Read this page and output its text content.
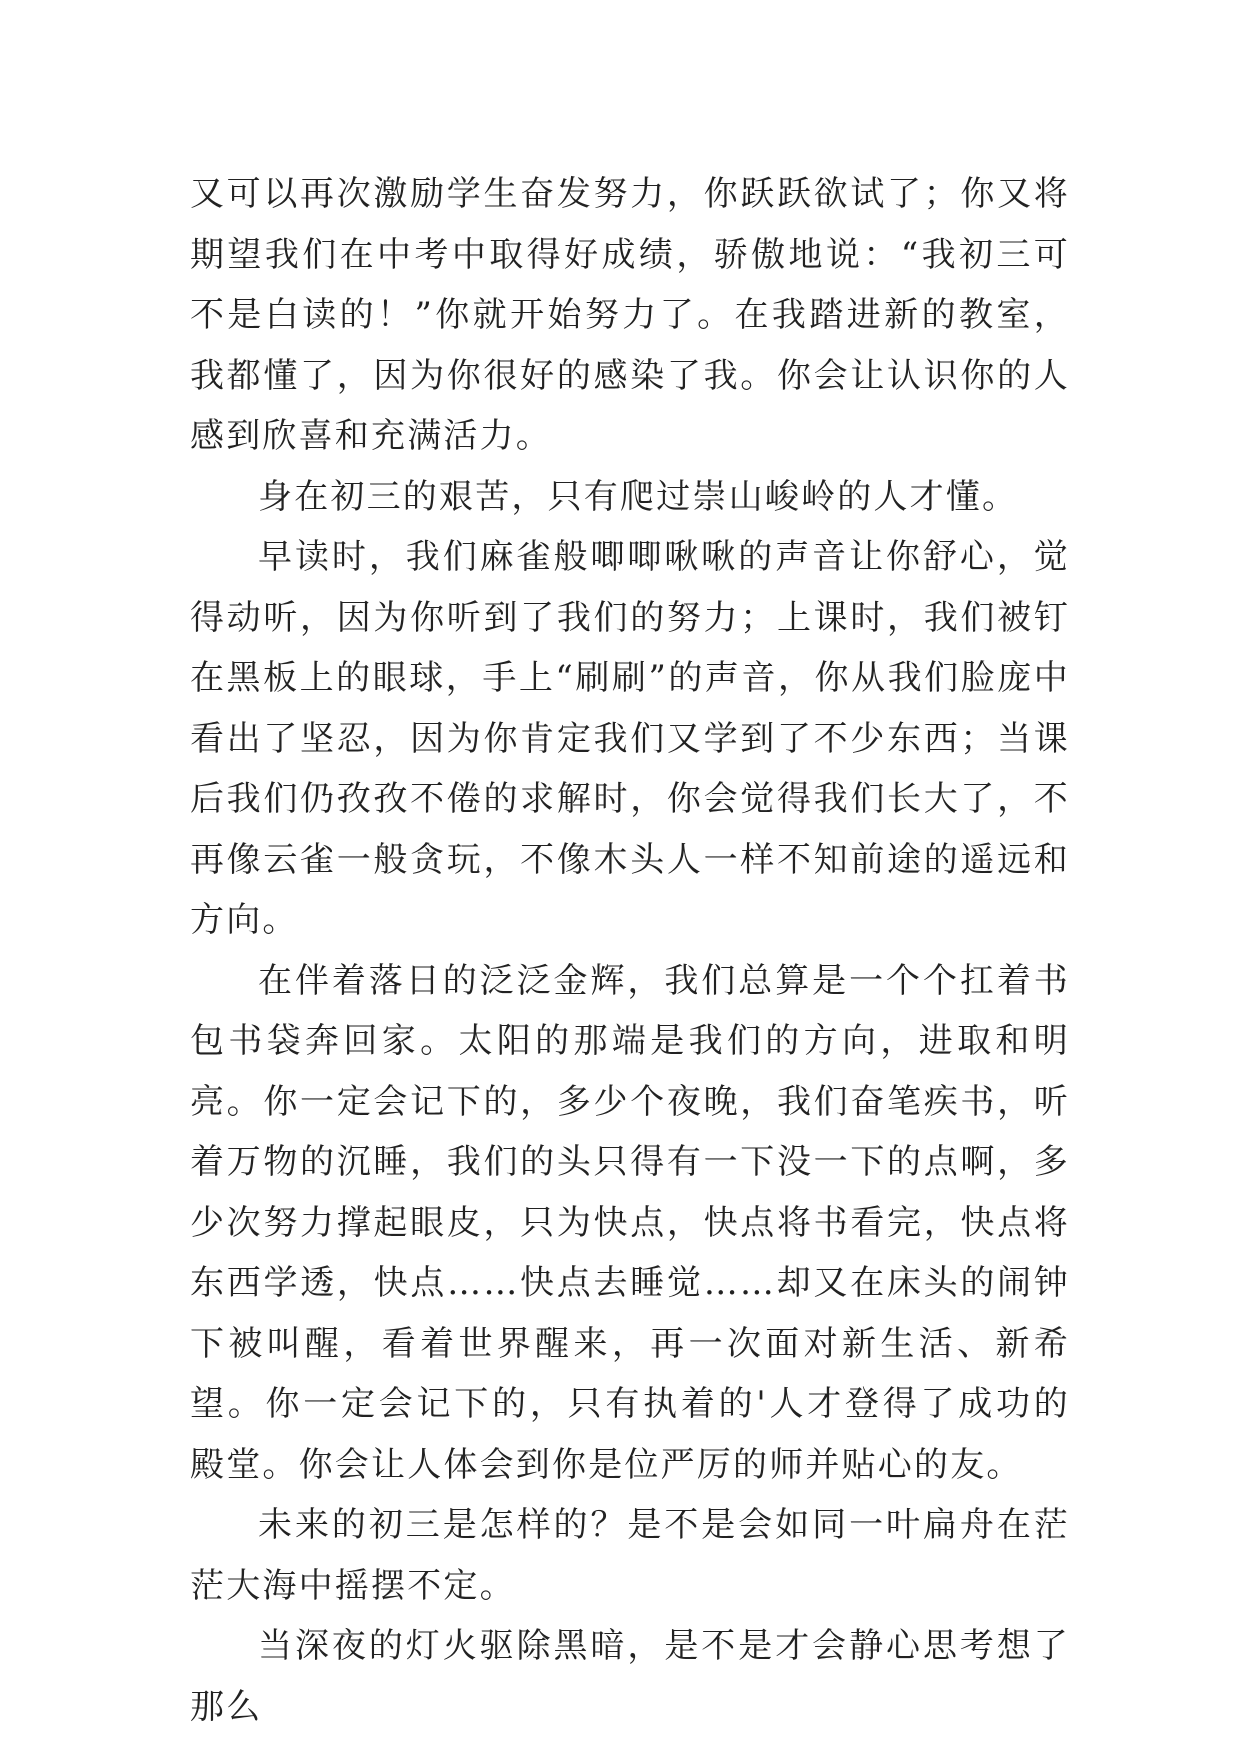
又可以再次激励学生奋发努力，你跃跃欲试了；你又将期望我们在中考中取得好成绩，骄傲地说：“我初三可不是白读的！”你就开始努力了。在我踏进新的教室，我都懂了，因为你很好的感染了我。你会让认识你的人感到欣喜和充满活力。

身在初三的艰苦，只有爬过崇山峻岭的人才懂。

早读时，我们麻雀般唧唧啾啾的声音让你舒心，觉得动听，因为你听到了我们的努力；上课时，我们被钉在黑板上的眼球，手上“刷刷”的声音，你从我们脸庞中看出了坚忍，因为你肯定我们又学到了不少东西；当课后我们仍孜孜不倦的求解时，你会觉得我们长大了，不再像云雀一般贪玩，不像木头人一样不知前途的遥远和方向。

在伴着落日的泛泛金辉，我们总算是一个个扛着书包书袋奔回家。太阳的那端是我们的方向，进取和明亮。你一定会记下的，多少个夜晚，我们奋笔疾书，听着万物的沉睡，我们的头只得有一下没一下的点啊，多少次努力撑起眼皮，只为快点，快点将书看完，快点将东西学透，快点……快点去睡觉……却又在床头的闹钟下被叫醒，看着世界醒来，再一次面对新生活、新希望。你一定会记下的，只有执着的'人才登得了成功的殿堂。你会让人体会到你是位严厉的师并贴心的友。

未来的初三是怎样的？是不是会如同一叶扁舟在茫茫大海中摇摆不定。

当深夜的灯火驱除黑暗，是不是才会静心思考想了那么
